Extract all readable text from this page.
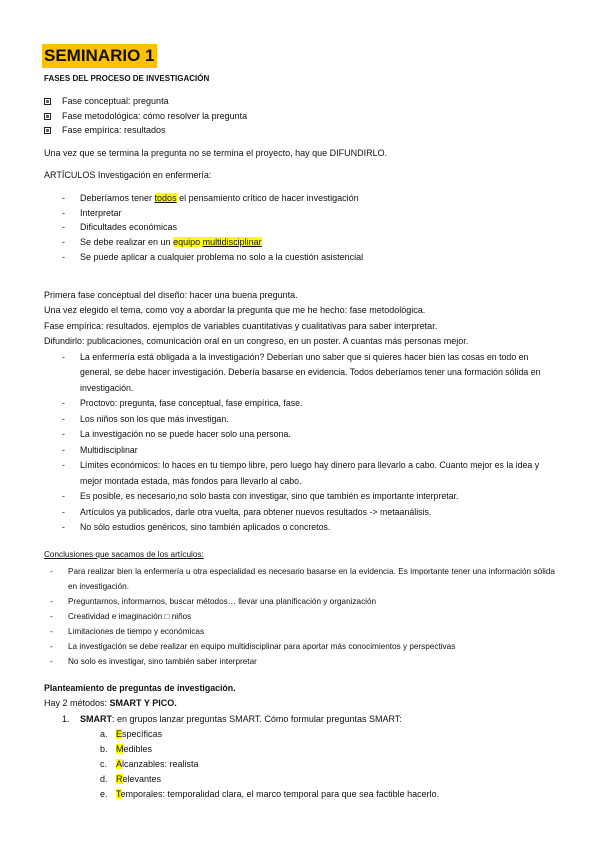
SEMINARIO 1
FASES DEL PROCESO DE INVESTIGACIÓN
Fase conceptual: pregunta
Fase metodológica: cómo resolver la pregunta
Fase empírica: resultados

Una vez que se termina la pregunta no se termina el proyecto, hay que DIFUNDIRLO.

ARTÍCULOS Investigación en enfermería:

- Deberíamos tener todos el pensamiento crítico de hacer investigación
- Interpretar
- Dificultades económicas
- Se debe realizar en un equipo multidisciplinar
- Se puede aplicar a cualquier problema no solo a la cuestión asistencial

Primera fase conceptual del diseño: hacer una buena pregunta.

Una vez elegido el tema, como voy a abordar la pregunta que me he hecho: fase metodológica.

Fase empírica: resultados. ejemplos de variables cuantitativas y cualitativas para saber interpretar.

Difundirlo: publicaciones, comunicación oral en un congreso, en un poster. A cuantas más personas mejor.

- La enfermería está obligada a la investigación? Deberían uno saber que si quieres hacer bien las cosas en todo en general, se debe hacer investigación. Debería basarse en evidencia. Todos deberíamos tener una formación sólida en investigación.
- Proctovo: pregunta, fase conceptual, fase empírica, fase.
- Los niños son los que más investigan.
- La investigación no se puede hacer solo una persona.
- Multidisciplinar
- Límites económicos: lo haces en tu tiempo libre, pero luego hay dinero para llevarlo a cabo. Cuanto mejor es la idea y mejor montada estada, más fondos para llevarlo al cabo.
- Es posible, es necesario,no solo basta con investigar, sino que también es importante interpretar.
- Artículos ya publicados, darle otra vuelta, para obtener nuevos resultados -> metaanálisis.
- No sólo estudios genéricos, sino también aplicados o concretos.
Conclusiones que sacamos de los artículos:
- Para realizar bien la enfermería u otra especialidad es necesario basarse en la evidencia. Es importante tener una información sólida en investigación.
- Preguntarnos, informarnos, buscar métodos… llevar una planificación y organización
- Creatividad e imaginación □ niños
- Limitaciones de tiempo y económicas
- La investigación se debe realizar en equipo multidisciplinar para aportar más conocimientos y perspectivas
- No solo es investigar, sino también saber interpretar
Planteamiento de preguntas de investigación.
Hay 2 métodos: SMART Y PICO.
1. SMART: en grupos lanzar preguntas SMART. Cómo formular preguntas SMART:
a. Específicas
b. Medibles
c. Alcanzables: realista
d. Relevantes
e. Temporales: temporalidad clara, el marco temporal para que sea factible hacerlo.
